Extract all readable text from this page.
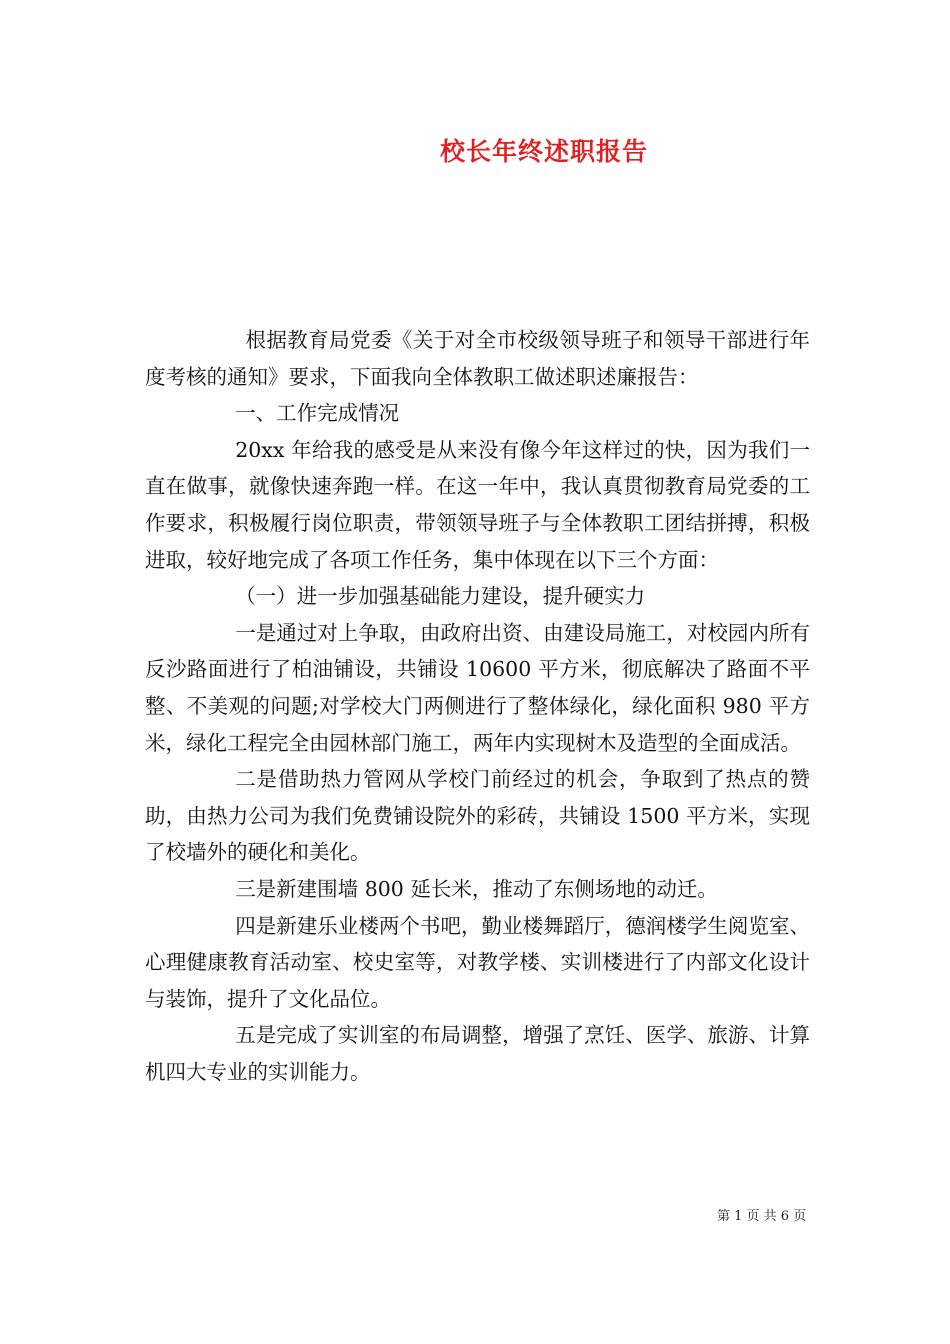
校长年终述职报告

根据教育局党委《关于对全市校级领导班子和领导干部进行年度考核的通知》要求，下面我向全体教职工做述职述廉报告：

一、工作完成情况

20xx 年给我的感受是从来没有像今年这样过的快，因为我们一直在做事，就像快速奔跑一样。在这一年中，我认真贯彻教育局党委的工作要求，积极履行岗位职责，带领领导班子与全体教职工团结拼搏，积极进取，较好地完成了各项工作任务，集中体现在以下三个方面：

（一）进一步加强基础能力建设，提升硬实力

一是通过对上争取，由政府出资、由建设局施工，对校园内所有反沙路面进行了柏油铺设，共铺设 10600 平方米，彻底解决了路面不平整、不美观的问题;对学校大门两侧进行了整体绿化，绿化面积 980 平方米，绿化工程完全由园林部门施工，两年内实现树木及造型的全面成活。

二是借助热力管网从学校门前经过的机会，争取到了热点的赞助，由热力公司为我们免费铺设院外的彩砖，共铺设 1500 平方米，实现了校墙外的硬化和美化。

三是新建围墙 800 延长米，推动了东侧场地的动迁。

四是新建乐业楼两个书吧，勤业楼舞蹈厅，德润楼学生阅览室、心理健康教育活动室、校史室等，对教学楼、实训楼进行了内部文化设计与装饰，提升了文化品位。

五是完成了实训室的布局调整，增强了烹饪、医学、旅游、计算机四大专业的实训能力。

第 1 页 共 6 页
